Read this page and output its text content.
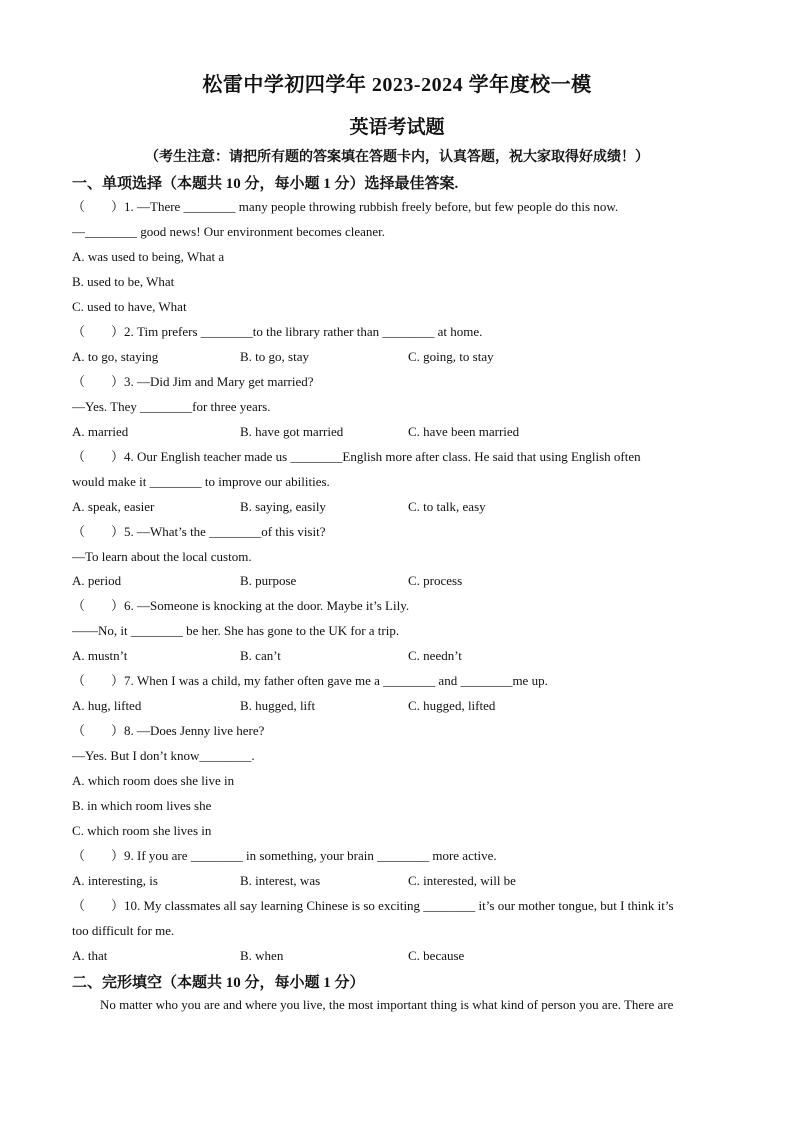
松雷中学初四学年 2023-2024 学年度校一模
英语考试题
（考生注意：请把所有题的答案填在答题卡内，认真答题，祝大家取得好成绩！）
一、单项选择（本题共 10 分，每小题 1 分）选择最佳答案.
（　　）1. —There ________ many people throwing rubbish freely before, but few people do this now.
—________ good news! Our environment becomes cleaner.
A. was used to being, What a
B. used to be, What
C. used to have, What
（　　）2. Tim prefers ________to the library rather than ________ at home.
A. to go, staying	B. to go, stay	C. going, to stay
（　　）3. —Did Jim and Mary get married?
—Yes. They ________for three years.
A. married	B. have got married	C. have been married
（　　）4. Our English teacher made us ________English more after class. He said that using English often
would make it ________ to improve our abilities.
A. speak, easier	B. saying, easily	C. to talk, easy
（　　）5. —What’s the ________of this visit?
—To learn about the local custom.
A. period	B. purpose	C. process
（　　）6. —Someone is knocking at the door. Maybe it’s Lily.
——No, it ________ be her. She has gone to the UK for a trip.
A. mustn’t	B. can’t	C. needn’t
（　　）7. When I was a child, my father often gave me a ________ and ________me up.
A. hug, lifted	B. hugged, lift	C. hugged, lifted
（　　）8. —Does Jenny live here?
—Yes. But I don’t know________.
A. which room does she live in
B. in which room lives she
C. which room she lives in
（　　）9. If you are ________ in something, your brain ________ more active.
A. interesting, is	B. interest, was	C. interested, will be
（　　）10. My classmates all say learning Chinese is so exciting ________ it’s our mother tongue, but I think it’s
too difficult for me.
A. that	B. when	C. because
二、完形填空（本题共 10 分，每小题 1 分）
No matter who you are and where you live, the most important thing is what kind of person you are. There are
